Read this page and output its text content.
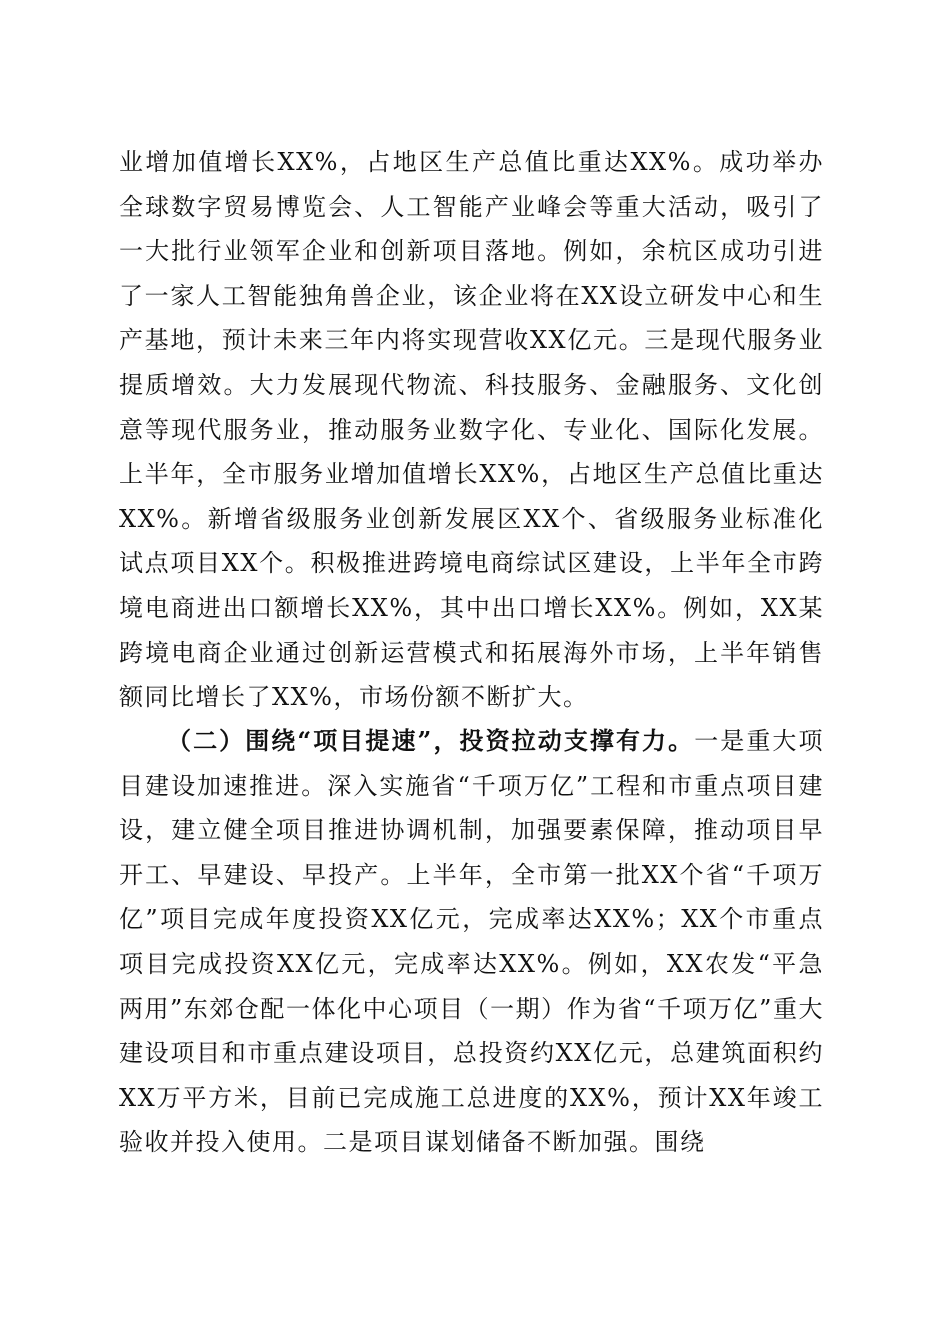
业增加值增长XX%，占地区生产总值比重达XX%。成功举办全球数字贸易博览会、人工智能产业峰会等重大活动，吸引了一大批行业领军企业和创新项目落地。例如，余杭区成功引进了一家人工智能独角兽企业，该企业将在XX设立研发中心和生产基地，预计未来三年内将实现营收XX亿元。三是现代服务业提质增效。大力发展现代物流、科技服务、金融服务、文化创意等现代服务业，推动服务业数字化、专业化、国际化发展。上半年，全市服务业增加值增长XX%，占地区生产总值比重达XX%。新增省级服务业创新发展区XX个、省级服务业标准化试点项目XX个。积极推进跨境电商综试区建设，上半年全市跨境电商进出口额增长XX%，其中出口增长XX%。例如，XX某跨境电商企业通过创新运营模式和拓展海外市场，上半年销售额同比增长了XX%，市场份额不断扩大。

（二）围绕“项目提速”，投资拉动支撑有力。一是重大项目建设加速推进。深入实施省“千项万亿”工程和市重点项目建设，建立健全项目推进协调机制，加强要素保障，推动项目早开工、早建设、早投产。上半年，全市第一批XX个省“千项万亿”项目完成年度投资XX亿元，完成率达XX%；XX个市重点项目完成投资XX亿元，完成率达XX%。例如，XX农发“平急两用”东郊仓配一体化中心项目（一期）作为省“千项万亿”重大建设项目和市重点建设项目，总投资约XX亿元，总建筑面积约XX万平方米，目前已完成施工总进度的XX%，预计XX年竣工验收并投入使用。二是项目谋划储备不断加强。围绕
